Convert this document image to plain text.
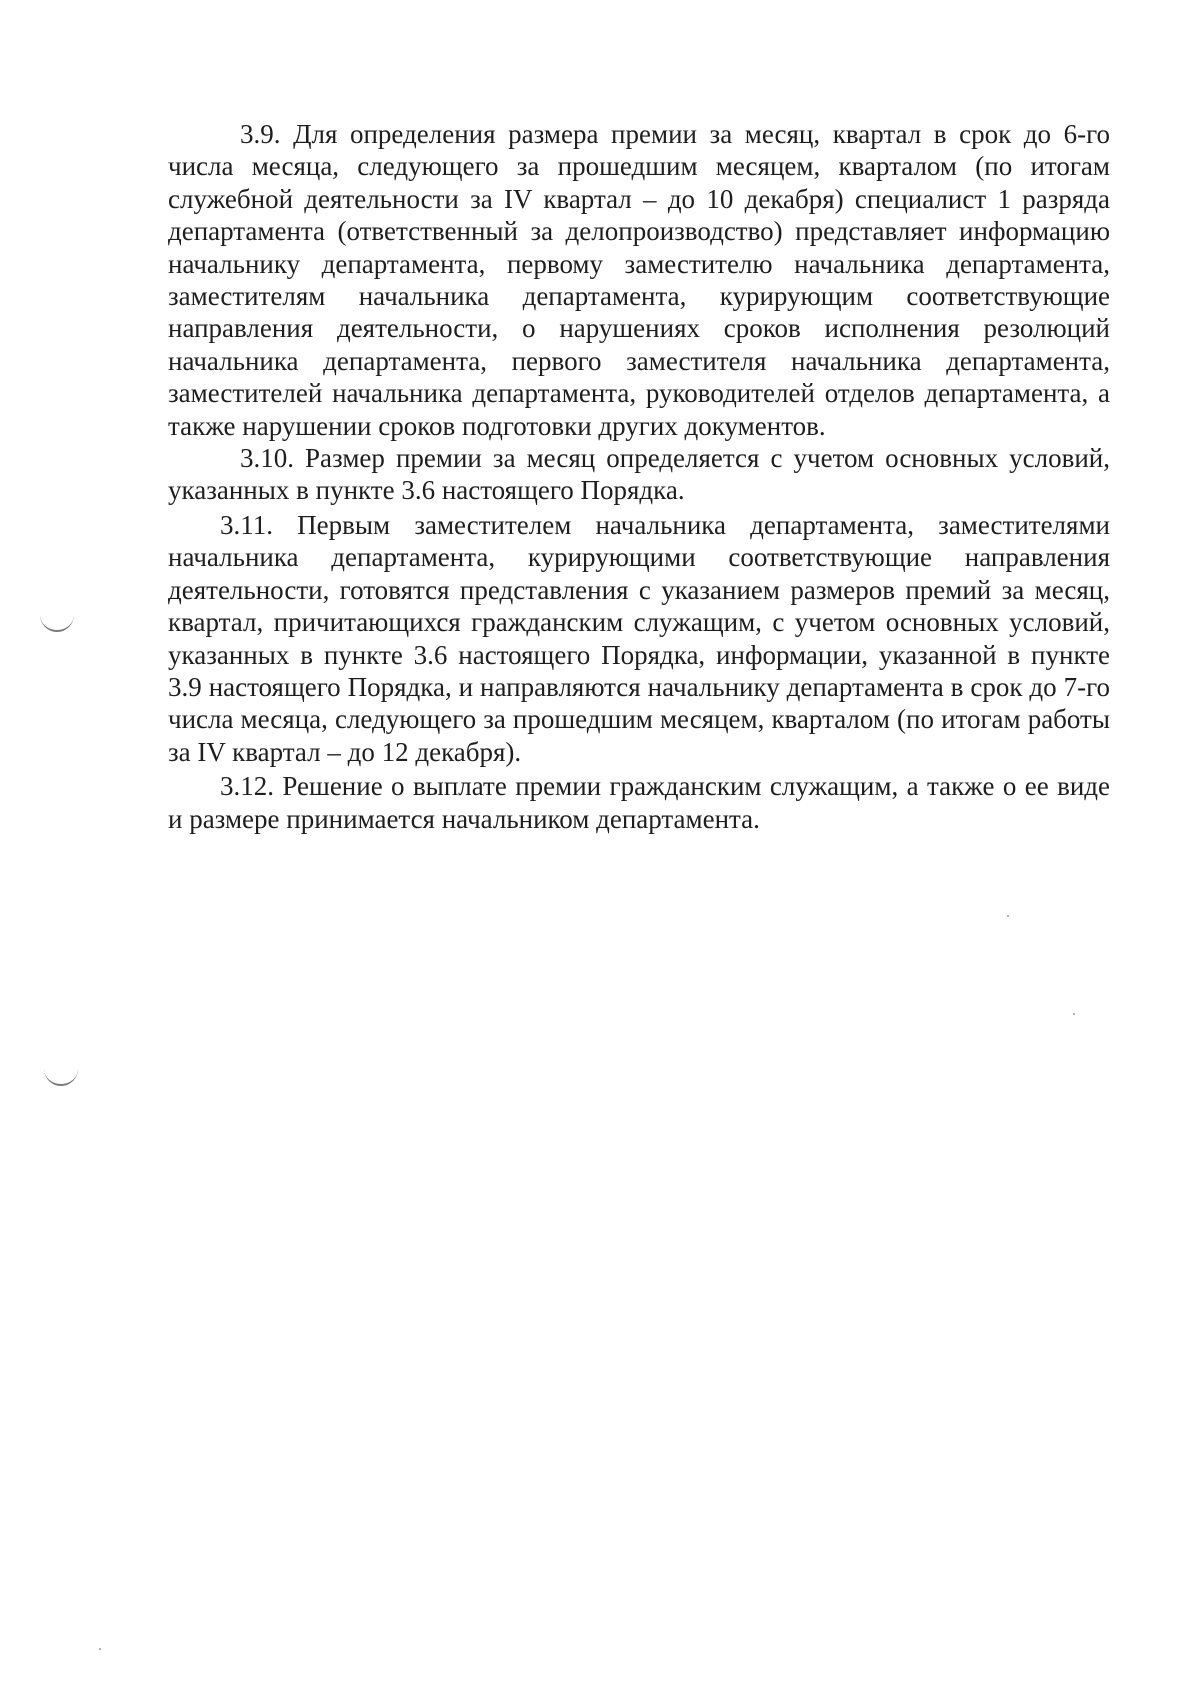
3.9. Для определения размера премии за месяц, квартал в срок до 6-го числа месяца, следующего за прошедшим месяцем, кварталом (по итогам служебной деятельности за IV квартал – до 10 декабря) специалист 1 разряда департамента (ответственный за делопроизводство) представляет информацию начальнику департамента, первому заместителю начальника департамента, заместителям начальника департамента, курирующим соответствующие направления деятельности, о нарушениях сроков исполнения резолюций начальника департамента, первого заместителя начальника департамента, заместителей начальника департамента, руководителей отделов департамента, а также нарушении сроков подготовки других документов.

3.10. Размер премии за месяц определяется с учетом основных условий, указанных в пункте 3.6 настоящего Порядка.

3.11. Первым заместителем начальника департамента, заместителями начальника департамента, курирующими соответствующие направления деятельности, готовятся представления с указанием размеров премий за месяц, квартал, причитающихся гражданским служащим, с учетом основных условий, указанных в пункте 3.6 настоящего Порядка, информации, указанной в пункте 3.9 настоящего Порядка, и направляются начальнику департамента в срок до 7-го числа месяца, следующего за прошедшим месяцем, кварталом (по итогам работы за IV квартал – до 12 декабря).

3.12. Решение о выплате премии гражданским служащим, а также о ее виде и размере принимается начальником департамента.
